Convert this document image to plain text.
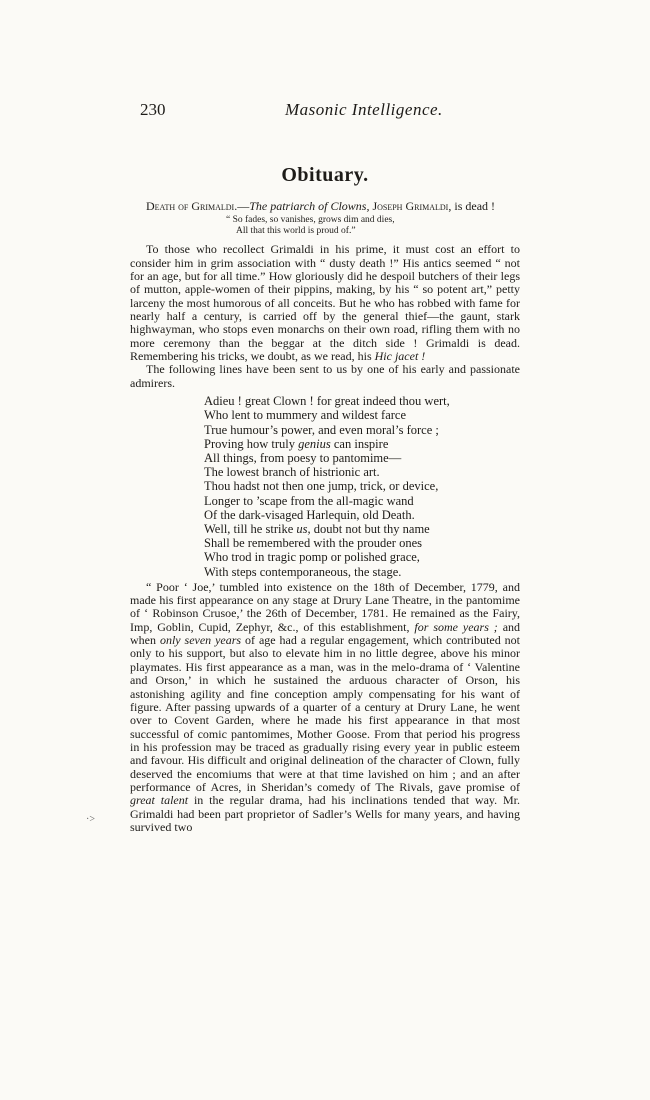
230	Masonic Intelligence.
Obituary.
·>

Death of Grimaldi.—The patriarch of Clowns, Joseph Grimaldi, is dead !

“ So fades, so vanishes, grows dim and dies,
All that this world is proud of.”

To those who recollect Grimaldi in his prime, it must cost an effort to consider him in grim association with “ dusty death !” His antics seemed “ not for an age, but for all time.” How gloriously did he despoil butchers of their legs of mutton, apple-women of their pippins, making, by his “ so potent art,” petty larceny the most humorous of all conceits. But he who has robbed with fame for nearly half a century, is carried off by the general thief—the gaunt, stark highwayman, who stops even monarchs on their own road, rifling them with no more ceremony than the beggar at the ditch side ! Grimaldi is dead. Remembering his tricks, we doubt, as we read, his Hic jacet !

The following lines have been sent to us by one of his early and passionate admirers.

Adieu ! great Clown ! for great indeed thou wert,
Who lent to mummery and wildest farce
True humour’s power, and even moral’s force ;
Proving how truly genius can inspire
All things, from poesy to pantomime—
The lowest branch of histrionic art.
Thou hadst not then one jump, trick, or device,
Longer to ’scape from the all-magic wand
Of the dark-visaged Harlequin, old Death.
Well, till he strike us, doubt not but thy name
Shall be remembered with the prouder ones
Who trod in tragic pomp or polished grace,
With steps contemporaneous, the stage.

“ Poor ‘ Joe,’ tumbled into existence on the 18th of December, 1779, and made his first appearance on any stage at Drury Lane Theatre, in the pantomime of ‘ Robinson Crusoe,’ the 26th of December, 1781. He remained as the Fairy, Imp, Goblin, Cupid, Zephyr, &c., of this establishment, for some years ; and when only seven years of age had a regular engagement, which contributed not only to his support, but also to elevate him in no little degree, above his minor playmates. His first appearance as a man, was in the melo-drama of ‘ Valentine and Orson,’ in which he sustained the arduous character of Orson, his astonishing agility and fine conception amply compensating for his want of figure. After passing upwards of a quarter of a century at Drury Lane, he went over to Covent Garden, where he made his first appearance in that most successful of comic pantomimes, Mother Goose. From that period his progress in his profession may be traced as gradually rising every year in public esteem and favour. His difficult and original delineation of the character of Clown, fully deserved the encomiums that were at that time lavished on him ; and an after performance of Acres, in Sheridan’s comedy of The Rivals, gave promise of great talent in the regular drama, had his inclinations tended that way. Mr. Grimaldi had been part proprietor of Sadler’s Wells for many years, and having survived two
